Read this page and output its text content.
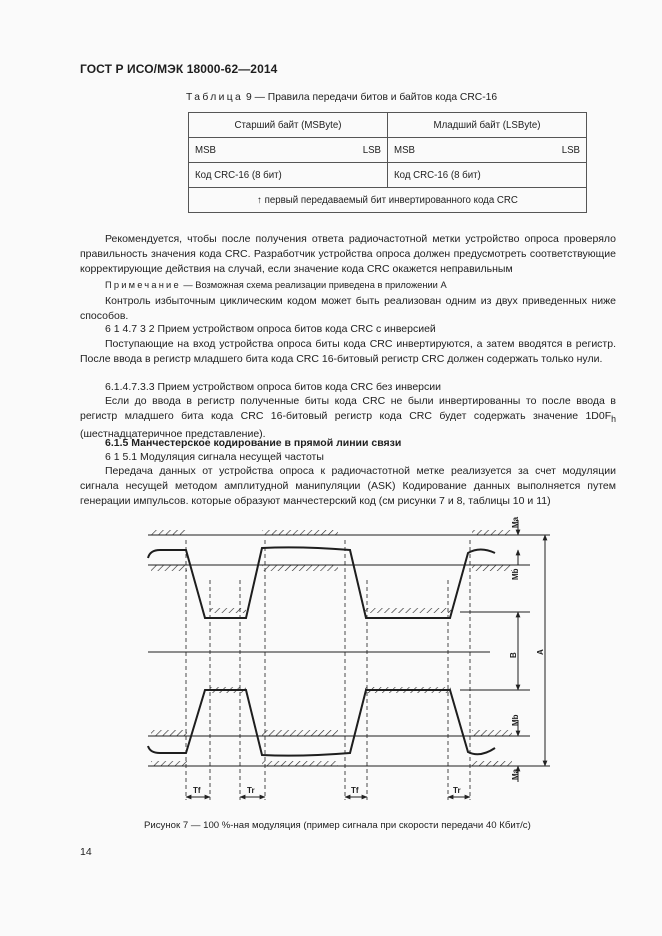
ГОСТ Р ИСО/МЭК 18000-62—2014
Таблица 9 — Правила передачи битов и байтов кода CRC-16
Старший байт (MSByte)	Младший байт (LSByte)

MSB LSB	MSB LSB

Код CRC-16 (8 бит)	Код CRC-16 (8 бит)
↑ первый передаваемый бит инвертированного кода CRC	
Рекомендуется, чтобы после получения ответа радиочастотной метки устройство опроса проверяло правильность значения кода CRC. Разработчик устройства опроса должен предусмотреть соответствующие корректирующие действия на случай, если значение кода CRC окажется неправильным
Примечание — Возможная схема реализации приведена в приложении А
Контроль избыточным циклическим кодом может быть реализован одним из двух приведенных ниже способов.
6 1 4.7 3 2 Прием устройством опроса битов кода CRC с инверсией
Поступающие на вход устройства опроса биты кода CRC инвертируются, а затем вводятся в регистр. После ввода в регистр младшего бита кода CRC 16-битовый регистр CRC должен содержать только нули.
6.1.4.7.3.3 Прием устройством опроса битов кода CRC без инверсии
Если до ввода в регистр полученные биты кода CRC не были инвертированны то после ввода в регистр младшего бита кода CRC 16-битовый регистр кода CRC будет содержать значение $1D0F_h$ (шестнадцатеричное представление).
6.1.5 Манчестерское кодирование в прямой линии связи
6 1 5.1 Модуляция сигнала несущей частоты
Передача данных от устройства опроса к радиочастотной метке реализуется за счет модуляции сигнала несущей методом амплитудной манипуляции (ASK) Кодирование данных выполняется путем генерации импульсов. которые образуют манчестерский код (см рисунки 7 и 8, таблицы 10 и 11)
Ma
Mb
B
A
Mb
Ma
Tf	Tr	Tf	Tr
Рисунок 7 — 100 %-ная модуляция (пример сигнала при скорости передачи 40 Кбит/с)
14
